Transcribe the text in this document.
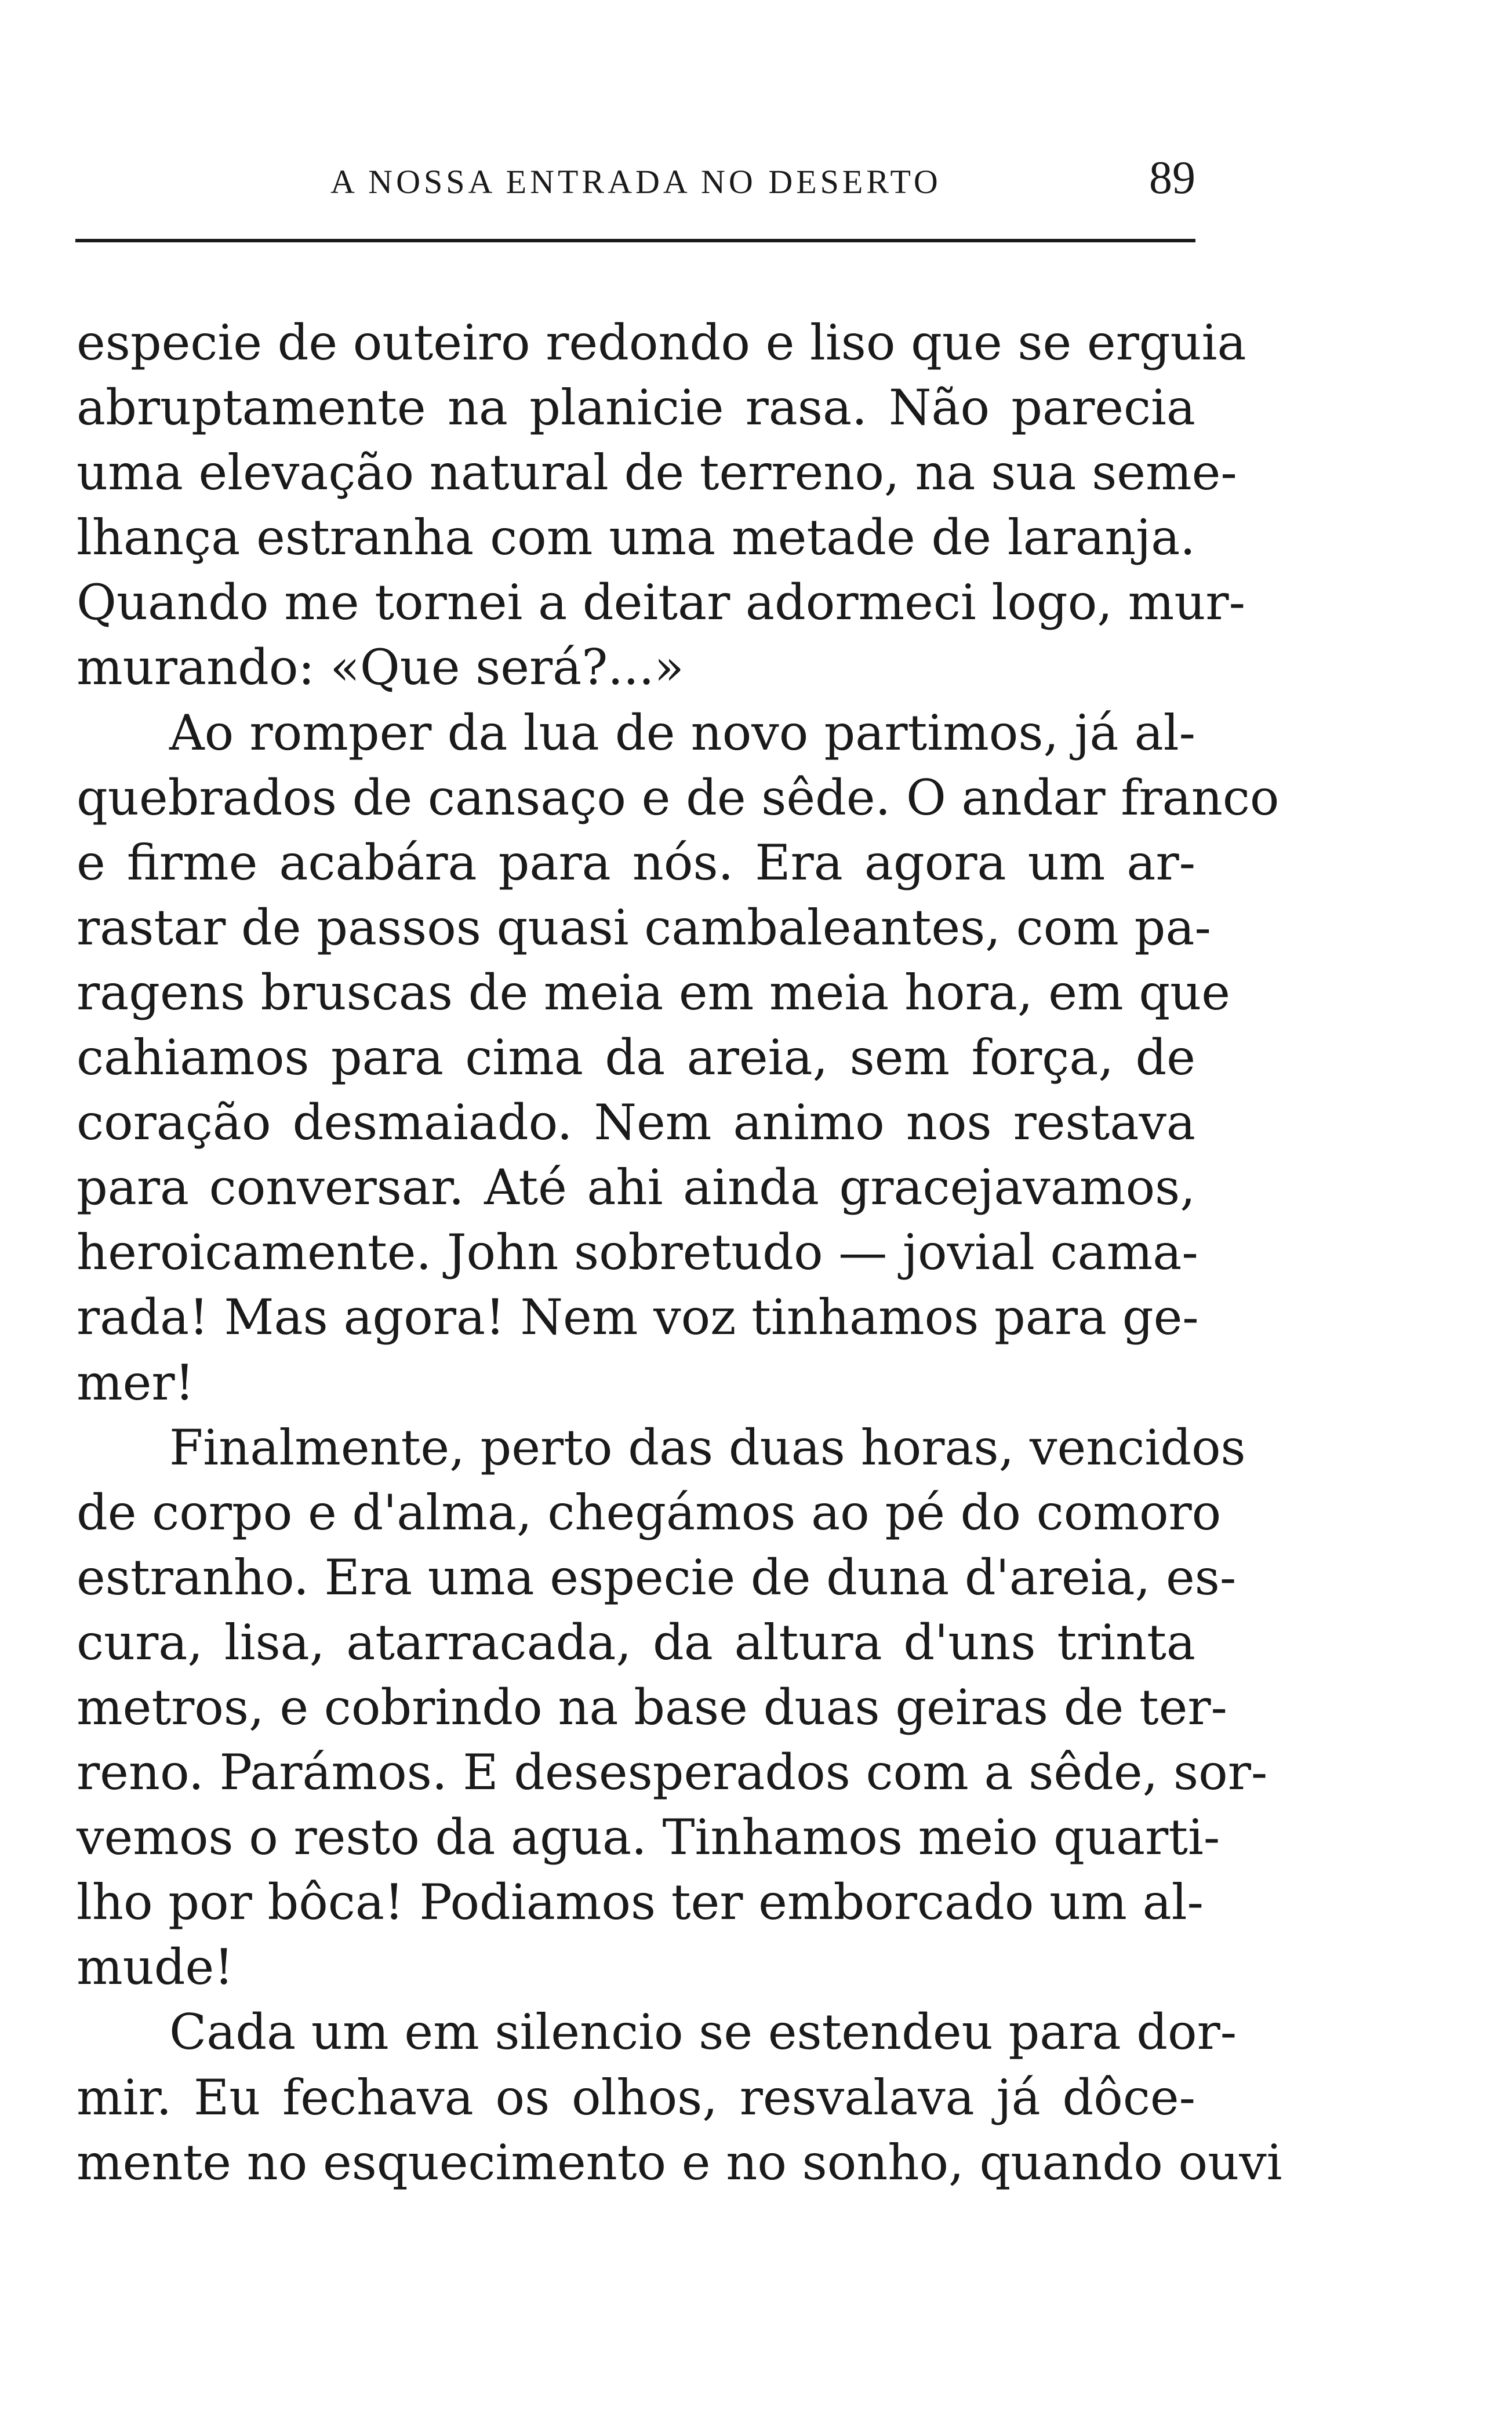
A NOSSA ENTRADA NO DESERTO	89
especie de outeiro redondo e liso que se erguia
abruptamente na planicie rasa. Não parecia
uma elevação natural de terreno, na sua seme-
lhança estranha com uma metade de laranja.
Quando me tornei a deitar adormeci logo, mur-
murando: «Que será?...»
Ao romper da lua de novo partimos, já al-
quebrados de cansaço e de sêde. O andar franco
e firme acabára para nós. Era agora um ar-
rastar de passos quasi cambaleantes, com pa-
ragens bruscas de meia em meia hora, em que
cahiamos para cima da areia, sem força, de
coração desmaiado. Nem animo nos restava
para conversar. Até ahi ainda gracejavamos,
heroicamente. John sobretudo — jovial cama-
rada! Mas agora! Nem voz tinhamos para ge-
mer!
Finalmente, perto das duas horas, vencidos
de corpo e d'alma, chegámos ao pé do comoro
estranho. Era uma especie de duna d'areia, es-
cura, lisa, atarracada, da altura d'uns trinta
metros, e cobrindo na base duas geiras de ter-
reno. Parámos. E desesperados com a sêde, sor-
vemos o resto da agua. Tinhamos meio quarti-
lho por bôca! Podiamos ter emborcado um al-
mude!
Cada um em silencio se estendeu para dor-
mir. Eu fechava os olhos, resvalava já dôce-
mente no esquecimento e no sonho, quando ouvi
